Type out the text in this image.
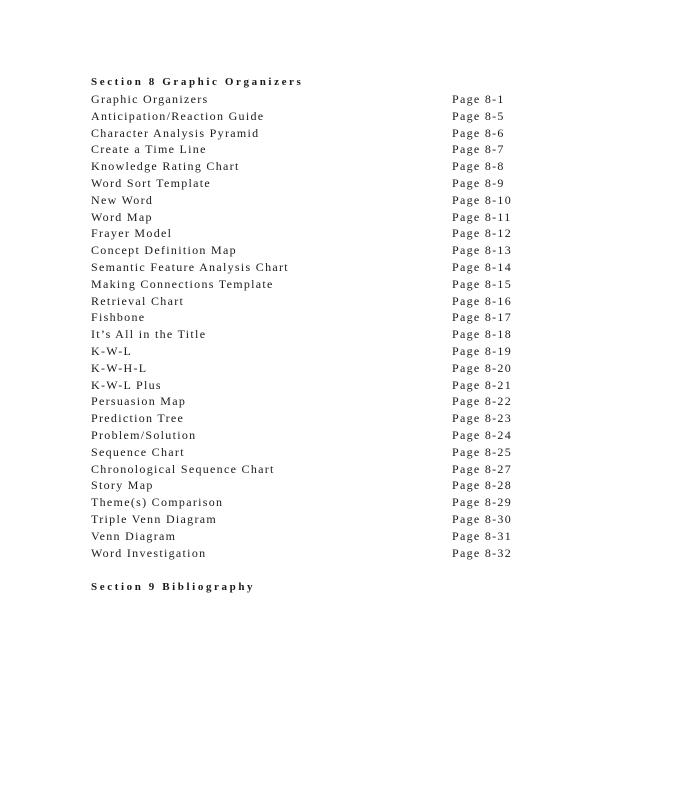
Section 8 Graphic Organizers
Graphic Organizers	Page 8-1
Anticipation/Reaction Guide	Page 8-5
Character Analysis Pyramid	Page 8-6
Create a Time Line	Page 8-7
Knowledge Rating Chart	Page 8-8
Word Sort Template	Page 8-9
New Word	Page 8-10
Word Map	Page 8-11
Frayer Model	Page 8-12
Concept Definition Map	Page 8-13
Semantic Feature Analysis Chart	Page 8-14
Making Connections Template	Page 8-15
Retrieval Chart	Page 8-16
Fishbone	Page 8-17
It’s All in the Title	Page 8-18
K-W-L	Page 8-19
K-W-H-L	Page 8-20
K-W-L Plus	Page 8-21
Persuasion Map	Page 8-22
Prediction Tree	Page 8-23
Problem/Solution	Page 8-24
Sequence Chart	Page 8-25
Chronological Sequence Chart	Page 8-27
Story Map	Page 8-28
Theme(s) Comparison	Page 8-29
Triple Venn Diagram	Page 8-30
Venn Diagram	Page 8-31
Word Investigation	Page 8-32
Section 9 Bibliography
